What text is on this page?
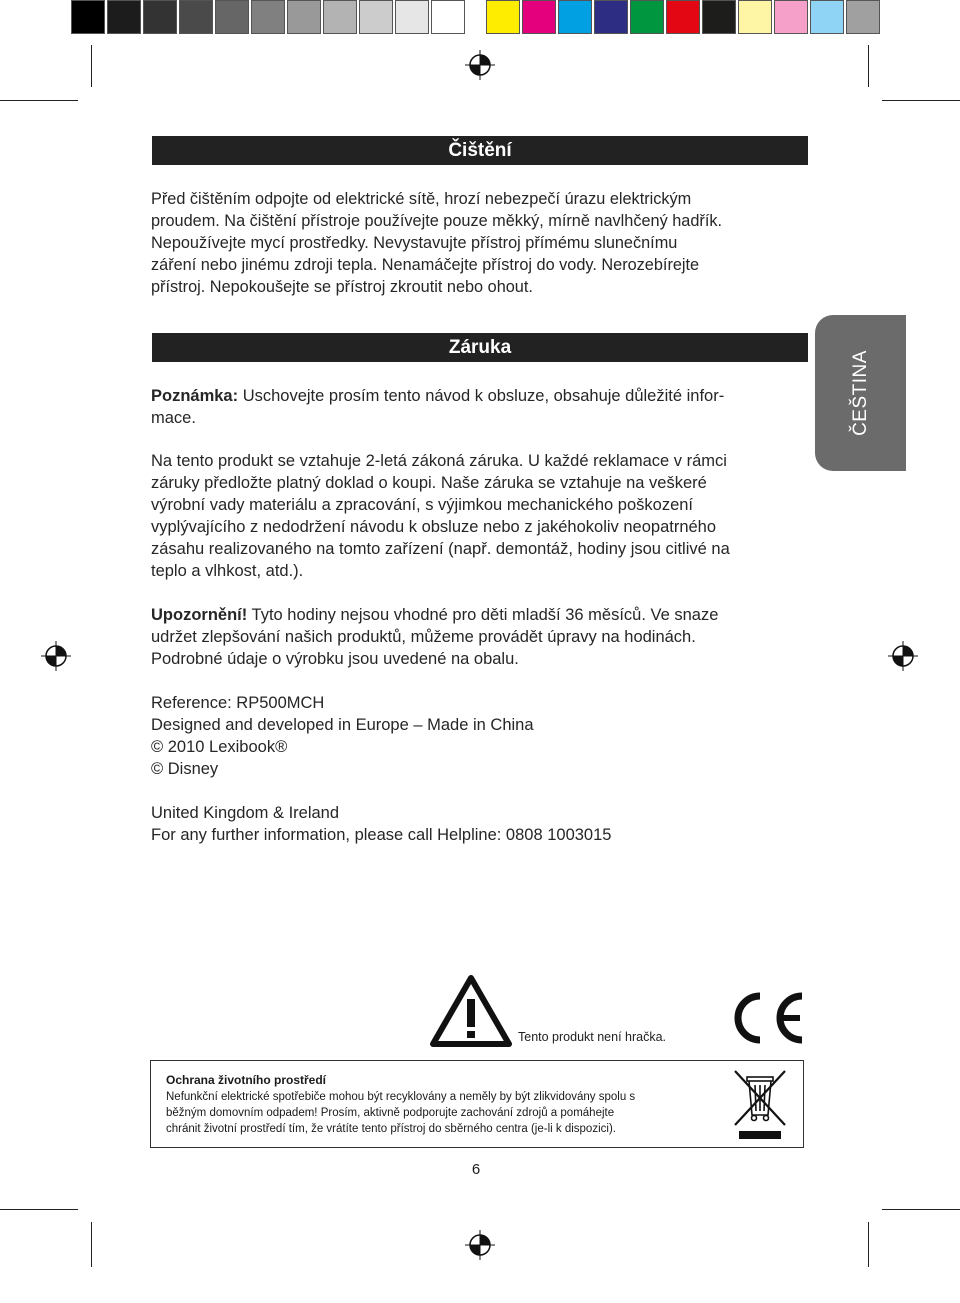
Čištění

Před čištěním odpojte od elektrické sítě, hrozí nebezpečí úrazu elektrickým

proudem. Na čištění přístroje používejte pouze měkký, mírně navlhčený hadřík.

Nepoužívejte mycí prostředky. Nevystavujte přístroj přímému slunečnímu

záření nebo jinému zdroji tepla. Nenamáčejte přístroj do vody. Nerozebírejte

přístroj. Nepokoušejte se přístroj zkroutit nebo ohout.

Záruka

Poznámka: Uschovejte prosím tento návod k obsluze, obsahuje důležité infor-

mace.

Na tento produkt se vztahuje 2-letá zákoná záruka. U každé reklamace v rámci

záruky předložte platný doklad o koupi. Naše záruka se vztahuje na veškeré

výrobní vady materiálu a zpracování, s výjimkou mechanického poškození

vyplývajícího z nedodržení návodu k obsluze nebo z jakéhokoliv neopatrného

zásahu realizovaného na tomto zařízení (např. demontáž, hodiny jsou citlivé na

teplo a vlhkost, atd.).

Upozornění! Tyto hodiny nejsou vhodné pro děti mladší 36 měsíců. Ve snaze

udržet zlepšování našich produktů, můžeme provádět úpravy na hodinách.

Podrobné údaje o výrobku jsou uvedené na obalu.

Reference: RP500MCH

Designed and developed in Europe – Made in China

© 2010 Lexibook®

© Disney

United Kingdom & Ireland

For any further information, please call Helpline: 0808 1003015

ČEŠTINA
Tento produkt není hračka.
Ochrana životního prostředí
Nefunkční elektrické spotřebiče mohou být recyklovány a neměly by být zlikvidovány spolu s
běžným domovním odpadem! Prosím, aktivně podporujte zachování zdrojů a pomáhejte
chránit životní prostředí tím, že vrátíte tento přístroj do sběrného centra (je-li k dispozici).
6
